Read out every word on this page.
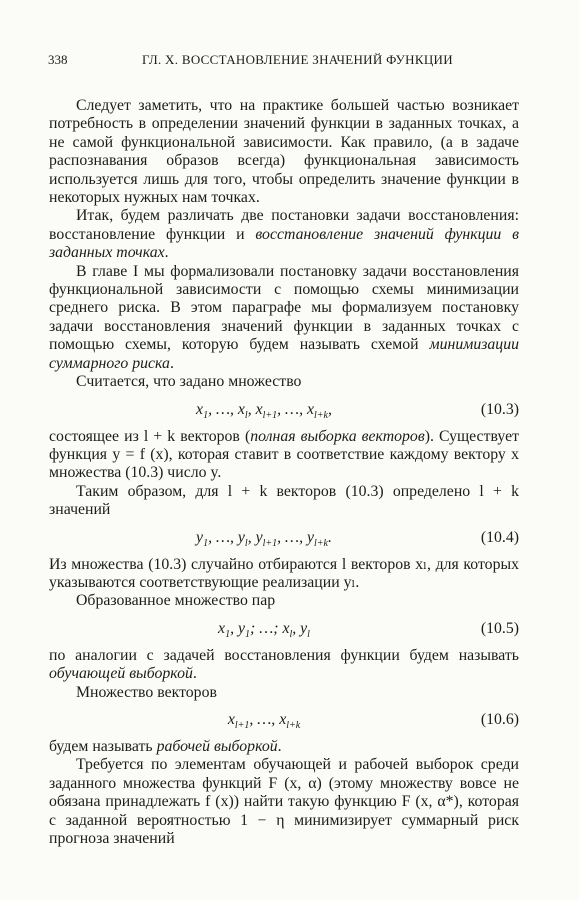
338	ГЛ. X. ВОССТАНОВЛЕНИЕ ЗНАЧЕНИЙ ФУНКЦИИ

Следует заметить, что на практике большей частью возникает потребность в определении значений функции в заданных точках, а не самой функциональной зависимости. Как правило, (а в задаче распознавания образов всегда) функциональная зависимость используется лишь для того, чтобы определить значение функции в некоторых нужных нам точках.

Итак, будем различать две постановки задачи восстановления: восстановление функции и восстановление значений функции в заданных точках.

В главе I мы формализовали постановку задачи восстановления функциональной зависимости с помощью схемы минимизации среднего риска. В этом параграфе мы формализуем постановку задачи восстановления значений функции в заданных точках с помощью схемы, которую будем называть схемой минимизации суммарного риска.

Считается, что задано множество

$x_1$, …, $x_l$, $x_{l+1}$, …, $x_{l+k}$,	(10.3)

состоящее из l + k векторов (полная выборка векторов). Существует функция y = f (x), которая ставит в соответствие каждому вектору x множества (10.3) число y.

Таким образом, для l + k векторов (10.3) определено l + k значений

$y_1$, …, $y_l$, $y_{l+1}$, …, $y_{l+k}$.	(10.4)

Из множества (10.3) случайно отбираются l векторов xₗ, для которых указываются соответствующие реализации yₗ.

Образованное множество пар

$x_1$, $y_1$; …; $x_l$, $y_l$	(10.5)

по аналогии с задачей восстановления функции будем называть обучающей выборкой.

Множество векторов

$x_{l+1}$, …, $x_{l+k}$	(10.6)

будем называть рабочей выборкой.

Требуется по элементам обучающей и рабочей выборок среди заданного множества функций F (x, α) (этому множеству вовсе не обязана принадлежать f (x)) найти такую функцию F (x, α*), которая с заданной вероятностью 1 − η минимизирует суммарный риск прогноза значений
